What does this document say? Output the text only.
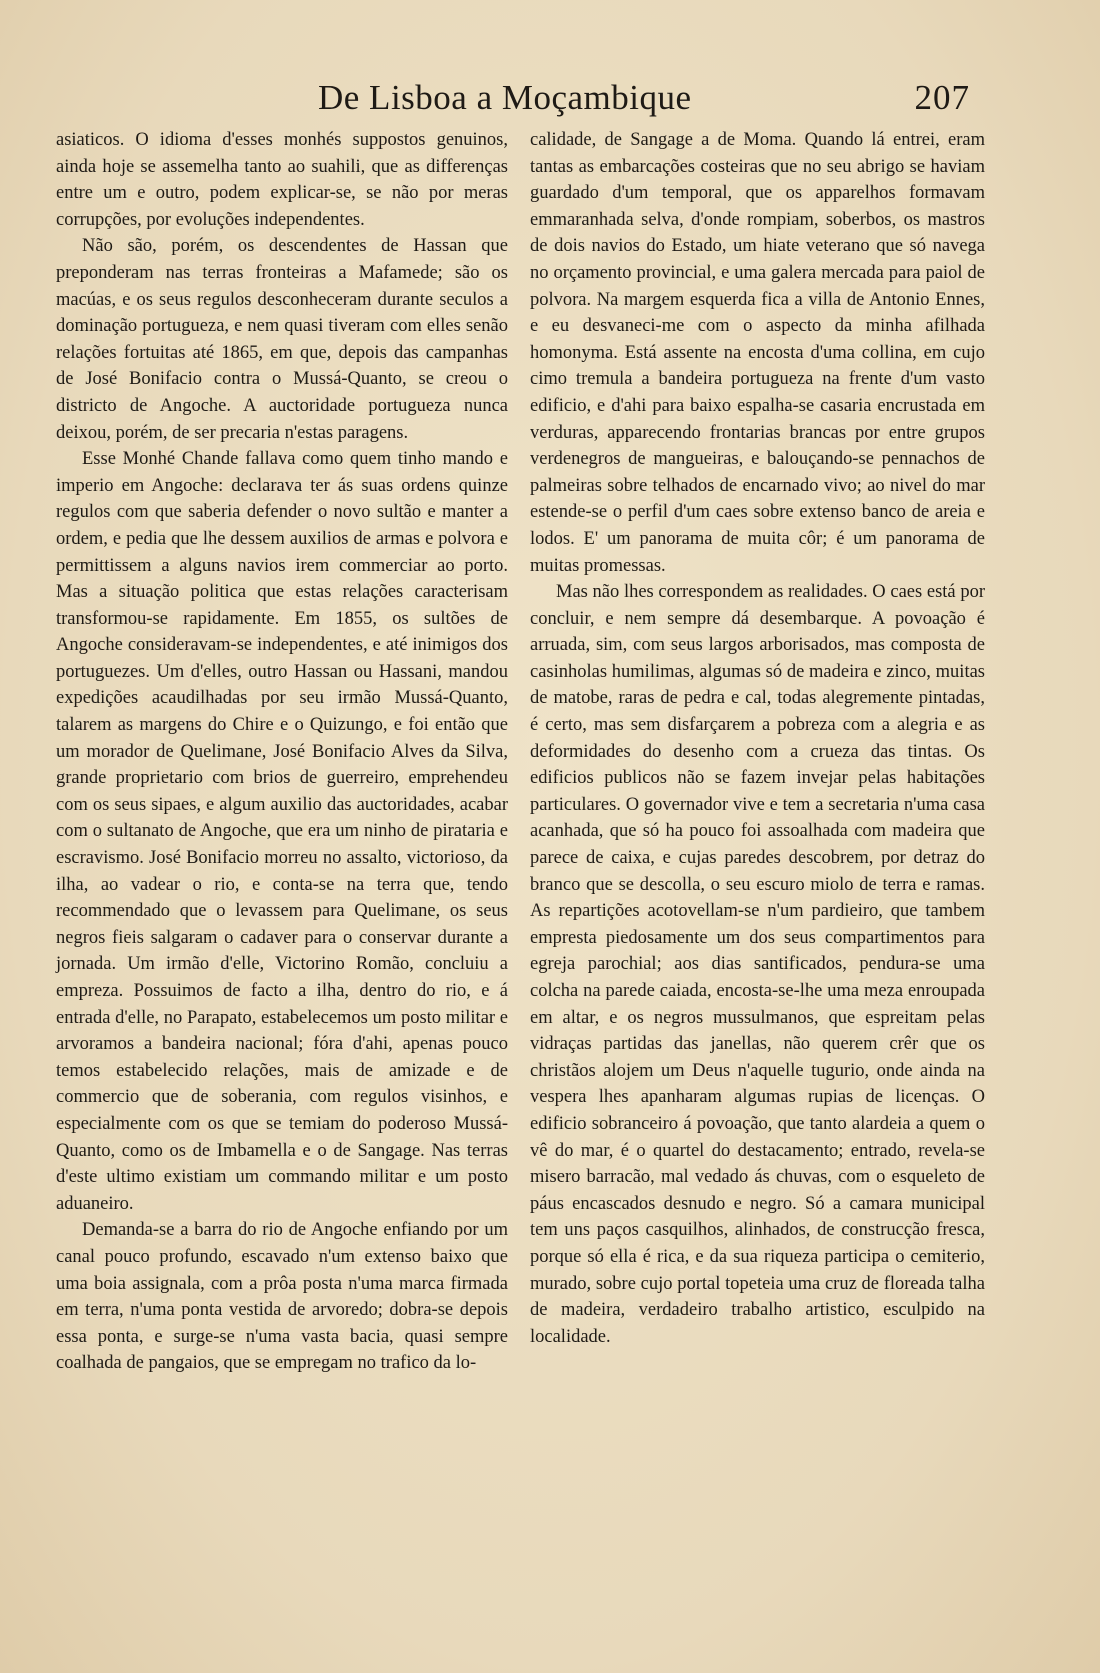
De Lisboa a Moçambique	207

asiaticos. O idioma d'esses monhés suppostos genuinos, ainda hoje se assemelha tanto ao suahili, que as differenças entre um e outro, podem explicar-se, se não por meras corrupções, por evoluções independentes.

Não são, porém, os descendentes de Hassan que preponderam nas terras fronteiras a Mafamede; são os macúas, e os seus regulos desconheceram durante seculos a dominação portugueza, e nem quasi tiveram com elles senão relações fortuitas até 1865, em que, depois das campanhas de José Bonifacio contra o Mussá-Quanto, se creou o districto de Angoche. A auctoridade portugueza nunca deixou, porém, de ser precaria n'estas paragens.

Esse Monhé Chande fallava como quem tinho mando e imperio em Angoche: declarava ter ás suas ordens quinze regulos com que saberia defender o novo sultão e manter a ordem, e pedia que lhe dessem auxilios de armas e polvora e permittissem a alguns navios irem commerciar ao porto. Mas a situação politica que estas relações caracterisam transformou-se rapidamente. Em 1855, os sultões de Angoche consideravam-se independentes, e até inimigos dos portuguezes. Um d'elles, outro Hassan ou Hassani, mandou expedições acaudilhadas por seu irmão Mussá-Quanto, talarem as margens do Chire e o Quizungo, e foi então que um morador de Quelimane, José Bonifacio Alves da Silva, grande proprietario com brios de guerreiro, emprehendeu com os seus sipaes, e algum auxilio das auctoridades, acabar com o sultanato de Angoche, que era um ninho de pirataria e escravismo. José Bonifacio morreu no assalto, victorioso, da ilha, ao vadear o rio, e conta-se na terra que, tendo recommendado que o levassem para Quelimane, os seus negros fieis salgaram o cadaver para o conservar durante a jornada. Um irmão d'elle, Victorino Romão, concluiu a empreza. Possuimos de facto a ilha, dentro do rio, e á entrada d'elle, no Parapato, estabelecemos um posto militar e arvoramos a bandeira nacional; fóra d'ahi, apenas pouco temos estabelecido relações, mais de amizade e de commercio que de soberania, com regulos visinhos, e especialmente com os que se temiam do poderoso Mussá-Quanto, como os de Imbamella e o de Sangage. Nas terras d'este ultimo existiam um commando militar e um posto aduaneiro.

Demanda-se a barra do rio de Angoche enfiando por um canal pouco profundo, escavado n'um extenso baixo que uma boia assignala, com a prôa posta n'uma marca firmada em terra, n'uma ponta vestida de arvoredo; dobra-se depois essa ponta, e surge-se n'uma vasta bacia, quasi sempre coalhada de pangaios, que se empregam no trafico da lo-

calidade, de Sangage a de Moma. Quando lá entrei, eram tantas as embarcações costeiras que no seu abrigo se haviam guardado d'um temporal, que os apparelhos formavam emmaranhada selva, d'onde rompiam, soberbos, os mastros de dois navios do Estado, um hiate veterano que só navega no orçamento provincial, e uma galera mercada para paiol de polvora. Na margem esquerda fica a villa de Antonio Ennes, e eu desvaneci-me com o aspecto da minha afilhada homonyma. Está assente na encosta d'uma collina, em cujo cimo tremula a bandeira portugueza na frente d'um vasto edificio, e d'ahi para baixo espalha-se casaria encrustada em verduras, apparecendo frontarias brancas por entre grupos verdenegros de mangueiras, e balouçando-se pennachos de palmeiras sobre telhados de encarnado vivo; ao nivel do mar estende-se o perfil d'um caes sobre extenso banco de areia e lodos. E' um panorama de muita côr; é um panorama de muitas promessas.

Mas não lhes correspondem as realidades. O caes está por concluir, e nem sempre dá desembarque. A povoação é arruada, sim, com seus largos arborisados, mas composta de casinholas humilimas, algumas só de madeira e zinco, muitas de matobe, raras de pedra e cal, todas alegremente pintadas, é certo, mas sem disfarçarem a pobreza com a alegria e as deformidades do desenho com a crueza das tintas. Os edificios publicos não se fazem invejar pelas habitações particulares. O governador vive e tem a secretaria n'uma casa acanhada, que só ha pouco foi assoalhada com madeira que parece de caixa, e cujas paredes descobrem, por detraz do branco que se descolla, o seu escuro miolo de terra e ramas. As repartições acotovellam-se n'um pardieiro, que tambem empresta piedosamente um dos seus compartimentos para egreja parochial; aos dias santificados, pendura-se uma colcha na parede caiada, encosta-se-lhe uma meza enroupada em altar, e os negros mussulmanos, que espreitam pelas vidraças partidas das janellas, não querem crêr que os christãos alojem um Deus n'aquelle tugurio, onde ainda na vespera lhes apanharam algumas rupias de licenças. O edificio sobranceiro á povoação, que tanto alardeia a quem o vê do mar, é o quartel do destacamento; entrado, revela-se misero barracão, mal vedado ás chuvas, com o esqueleto de páus encascados desnudo e negro. Só a camara municipal tem uns paços casquilhos, alinhados, de construcção fresca, porque só ella é rica, e da sua riqueza participa o cemiterio, murado, sobre cujo portal topeteia uma cruz de floreada talha de madeira, verdadeiro trabalho artistico, esculpido na localidade.
